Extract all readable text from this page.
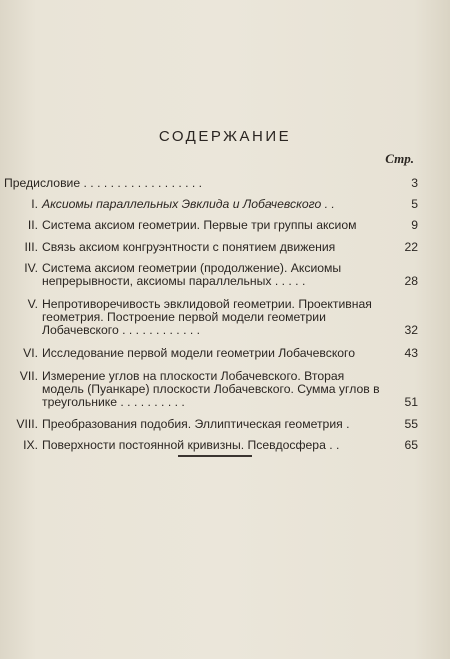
СОДЕРЖАНИЕ
Стр.
Предисловие . . . . . . . . . . . . . . . . . .	3
I. Аксиомы параллельных Эвклида и Лобачевского . .	5
II. Система аксиом геометрии. Первые три группы аксиом	9
III. Связь аксиом конгруэнтности с понятием движения	22
IV. Система аксиом геометрии (продолжение). Аксиомы непрерывности, аксиомы параллельных . . . . .	28
V. Непротиворечивость эвклидовой геометрии. Проективная геометрия. Построение первой модели геометрии Лобачевского . . . . . . . . . . . .	32
VI. Исследование первой модели геометрии Лобачевского	43
VII. Измерение углов на плоскости Лобачевского. Вторая модель (Пуанкаре) плоскости Лобачевского. Сумма углов в треугольнике . . . . . . . . . .	51
VIII. Преобразования подобия. Эллиптическая геометрия .	55
IX. Поверхности постоянной кривизны. Псевдосфера . .	65
